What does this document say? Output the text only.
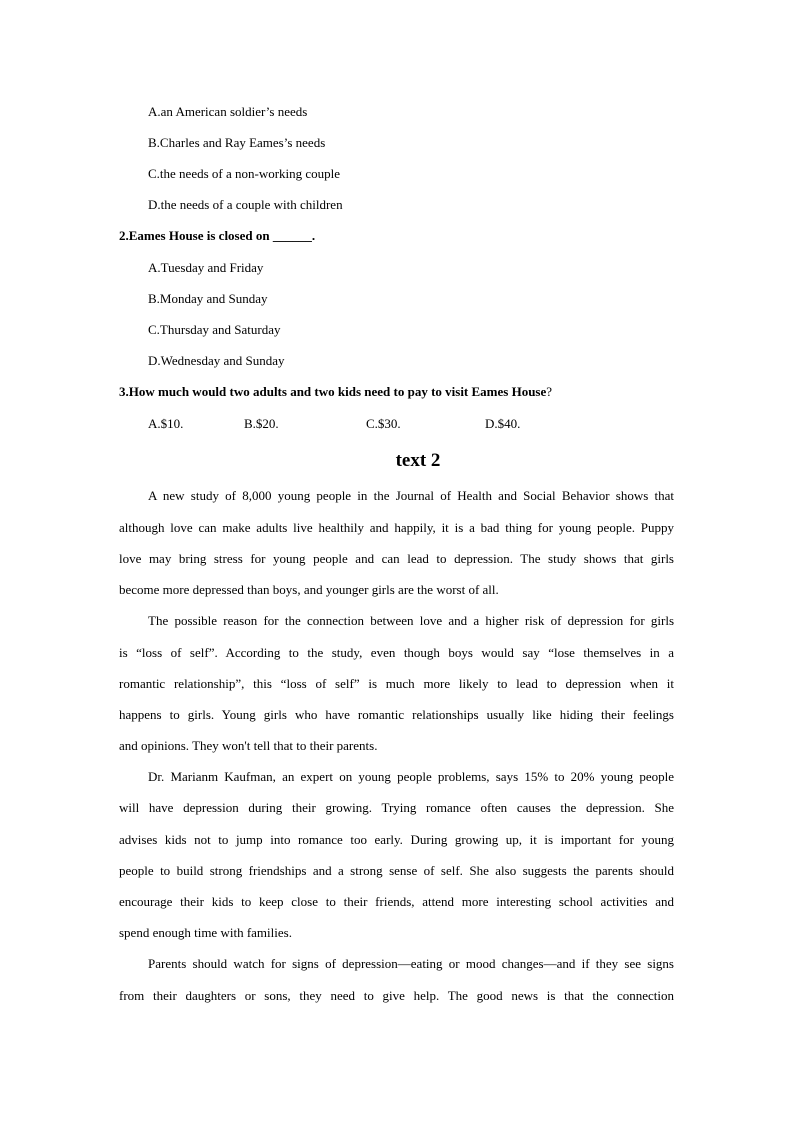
A.an American soldier’s needs
B.Charles and Ray Eames’s needs
C.the needs of a non-working couple
D.the needs of a couple with children
2.Eames House is closed on ______.
A.Tuesday and Friday
B.Monday and Sunday
C.Thursday and Saturday
D.Wednesday and Sunday
3.How much would two adults and two kids need to pay to visit Eames House?
A.$10.	B.$20.	C.$30.	D.$40.
text 2
A new study of 8,000 young people in the Journal of Health and Social Behavior shows that
although love can make adults live healthily and happily, it is a bad thing for young people. Puppy
love may bring stress for young people and can lead to depression. The study shows that girls
become more depressed than boys, and younger girls are the worst of all.
The possible reason for the connection between love and a higher risk of depression for girls
is “loss of self”. According to the study, even though boys would say “lose themselves in a
romantic relationship”, this “loss of self” is much more likely to lead to depression when it
happens to girls. Young girls who have romantic relationships usually like hiding their feelings
and opinions. They won't tell that to their parents.
Dr. Marianm Kaufman, an expert on young people problems, says 15% to 20% young people
will have depression during their growing. Trying romance often causes the depression. She
advises kids not to jump into romance too early. During growing up, it is important for young
people to build strong friendships and a strong sense of self. She also suggests the parents should
encourage their kids to keep close to their friends, attend more interesting school activities and
spend enough time with families.
Parents should watch for signs of depression—eating or mood changes—and if they see signs
from their daughters or sons, they need to give help. The good news is that the connection
